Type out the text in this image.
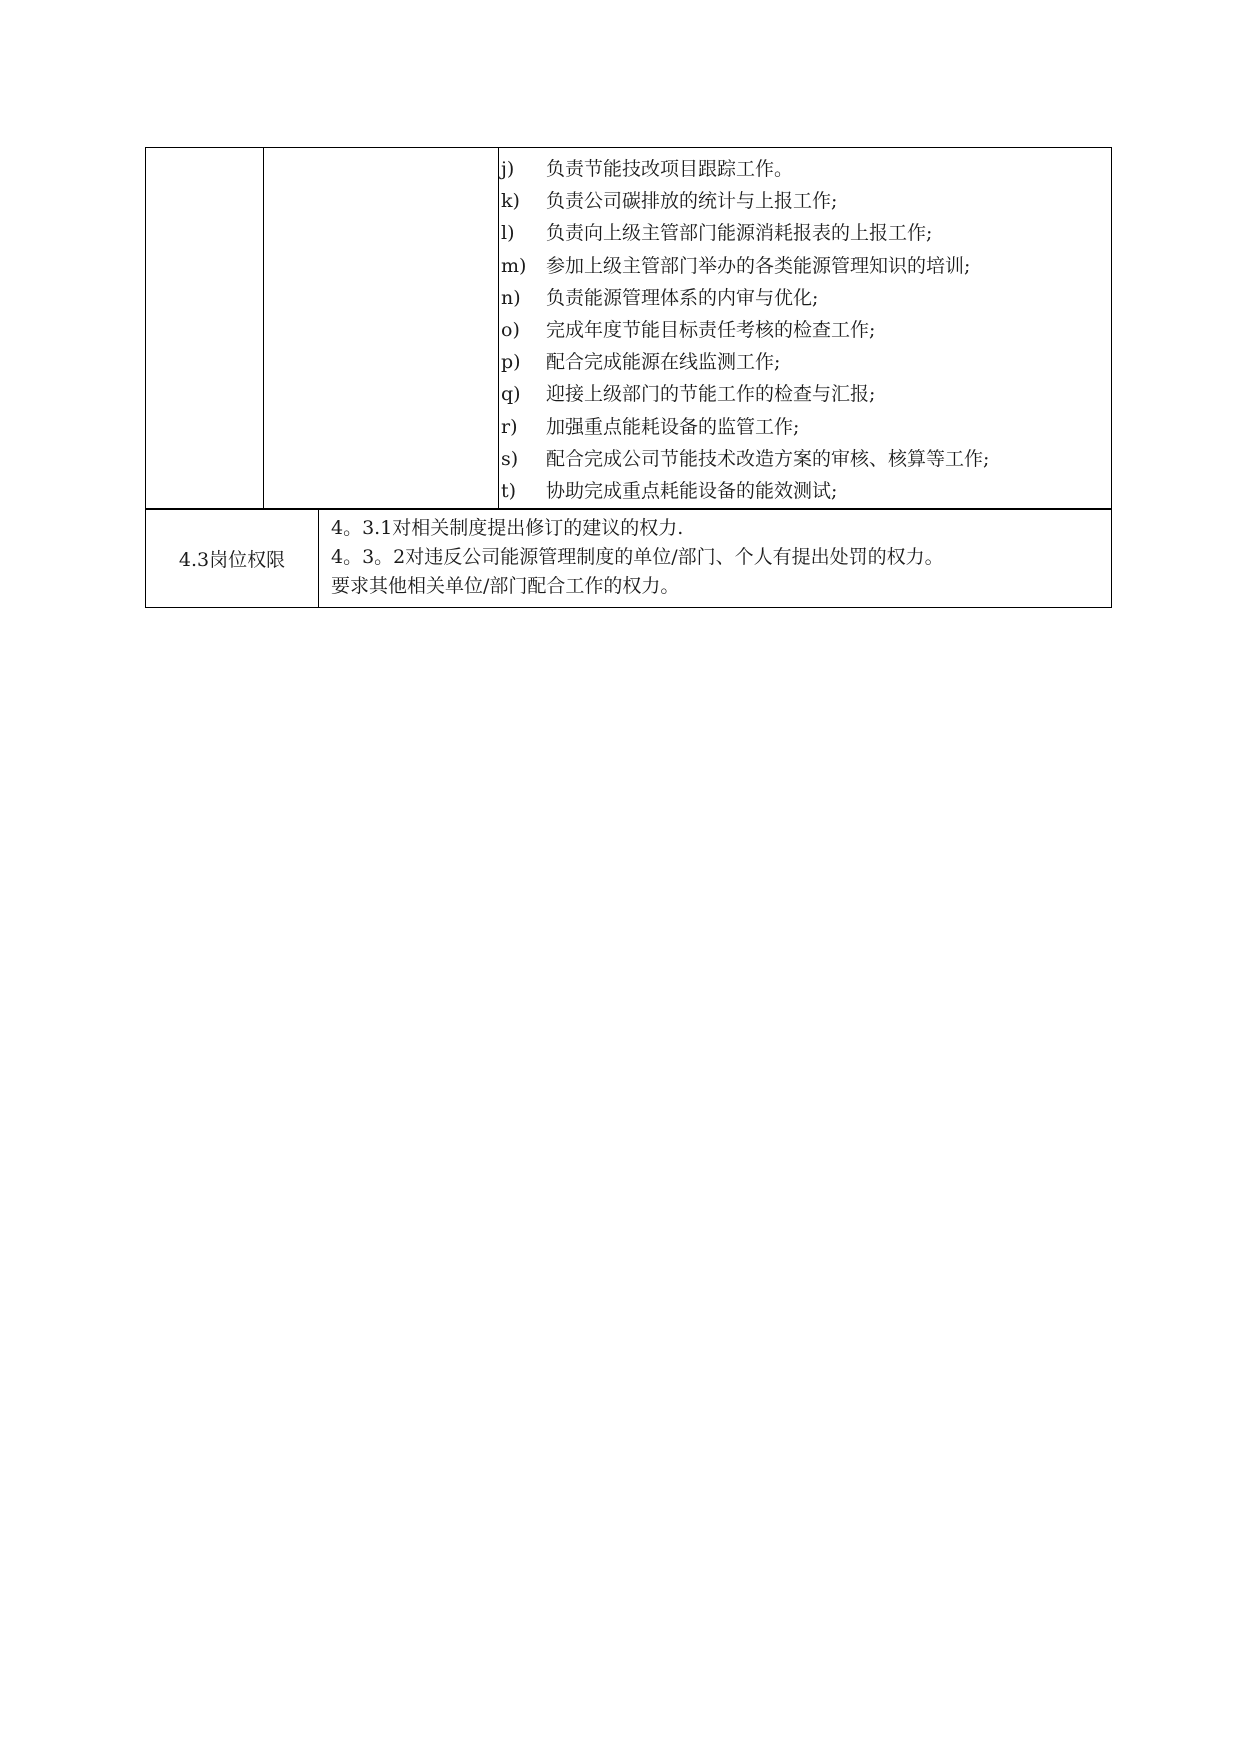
j) 负责节能技改项目跟踪工作。
k) 负责公司碳排放的统计与上报工作;
l) 负责向上级主管部门能源消耗报表的上报工作;
m) 参加上级主管部门举办的各类能源管理知识的培训;
n) 负责能源管理体系的内审与优化;
o) 完成年度节能目标责任考核的检查工作;
p) 配合完成能源在线监测工作;
q) 迎接上级部门的节能工作的检查与汇报;
r) 加强重点能耗设备的监管工作;
s) 配合完成公司节能技术改造方案的审核、核算等工作;
t) 协助完成重点耗能设备的能效测试;
4.3岗位权限
4。3.1对相关制度提出修订的建议的权力.
4。3。2对违反公司能源管理制度的单位/部门、个人有提出处罚的权力。
要求其他相关单位/部门配合工作的权力。
